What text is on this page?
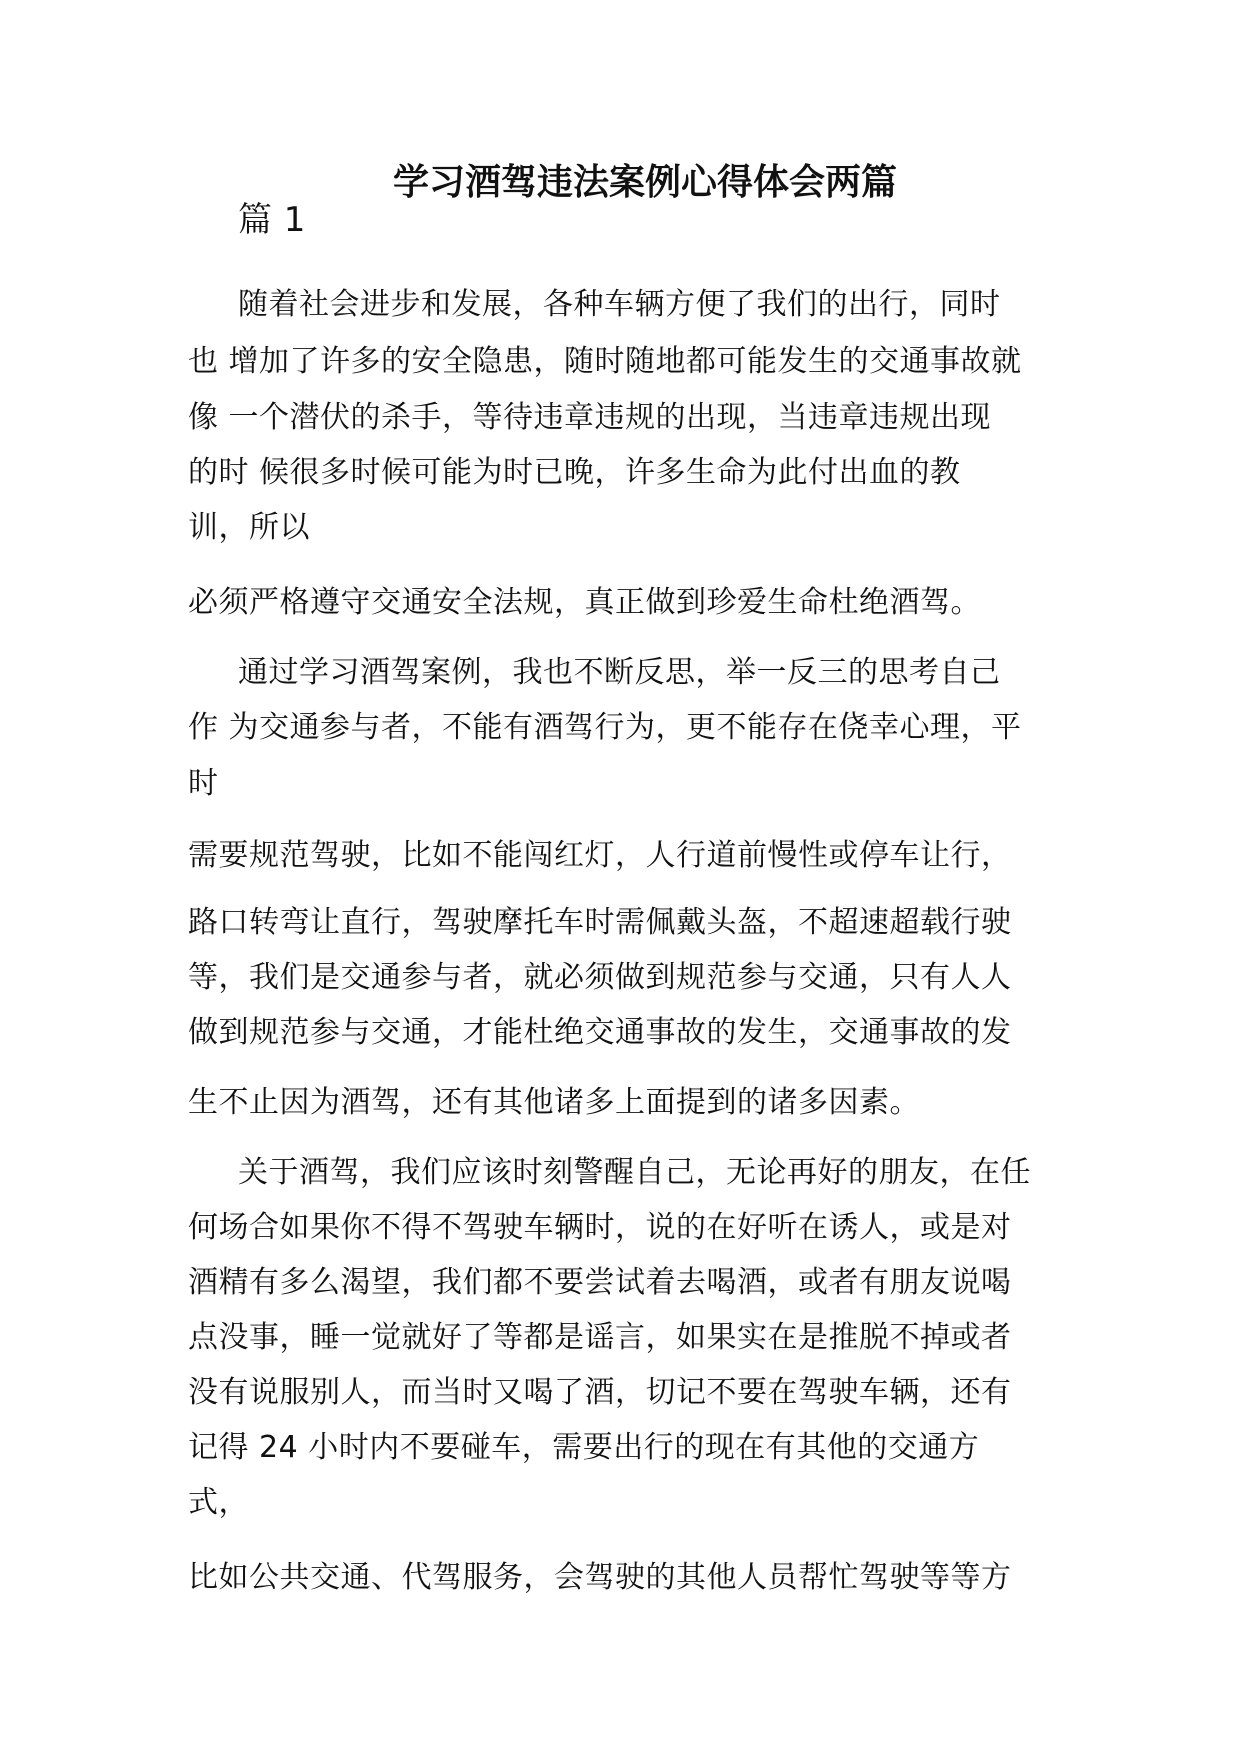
学习酒驾违法案例心得体会两篇
篇 1
随着社会进步和发展，各种车辆方便了我们的出行，同时
也 增加了许多的安全隐患，随时随地都可能发生的交通事故就
像 一个潜伏的杀手，等待违章违规的出现，当违章违规出现
的时 候很多时候可能为时已晚，许多生命为此付出血的教
训，所以
必须严格遵守交通安全法规，真正做到珍爱生命杜绝酒驾。
通过学习酒驾案例，我也不断反思，举一反三的思考自己
作 为交通参与者，不能有酒驾行为，更不能存在侥幸心理，平
时
需要规范驾驶，比如不能闯红灯，人行道前慢性或停车让行，
路口转弯让直行，驾驶摩托车时需佩戴头盔，不超速超载行驶
等，我们是交通参与者，就必须做到规范参与交通，只有人人
做到规范参与交通，才能杜绝交通事故的发生，交通事故的发
生不止因为酒驾，还有其他诸多上面提到的诸多因素。
关于酒驾，我们应该时刻警醒自己，无论再好的朋友，在任
何场合如果你不得不驾驶车辆时，说的在好听在诱人，或是对
酒精有多么渴望，我们都不要尝试着去喝酒，或者有朋友说喝
点没事，睡一觉就好了等都是谣言，如果实在是推脱不掉或者
没有说服别人，而当时又喝了酒，切记不要在驾驶车辆，还有
记得 24 小时内不要碰车，需要出行的现在有其他的交通方
式，
比如公共交通、代驾服务，会驾驶的其他人员帮忙驾驶等等方
